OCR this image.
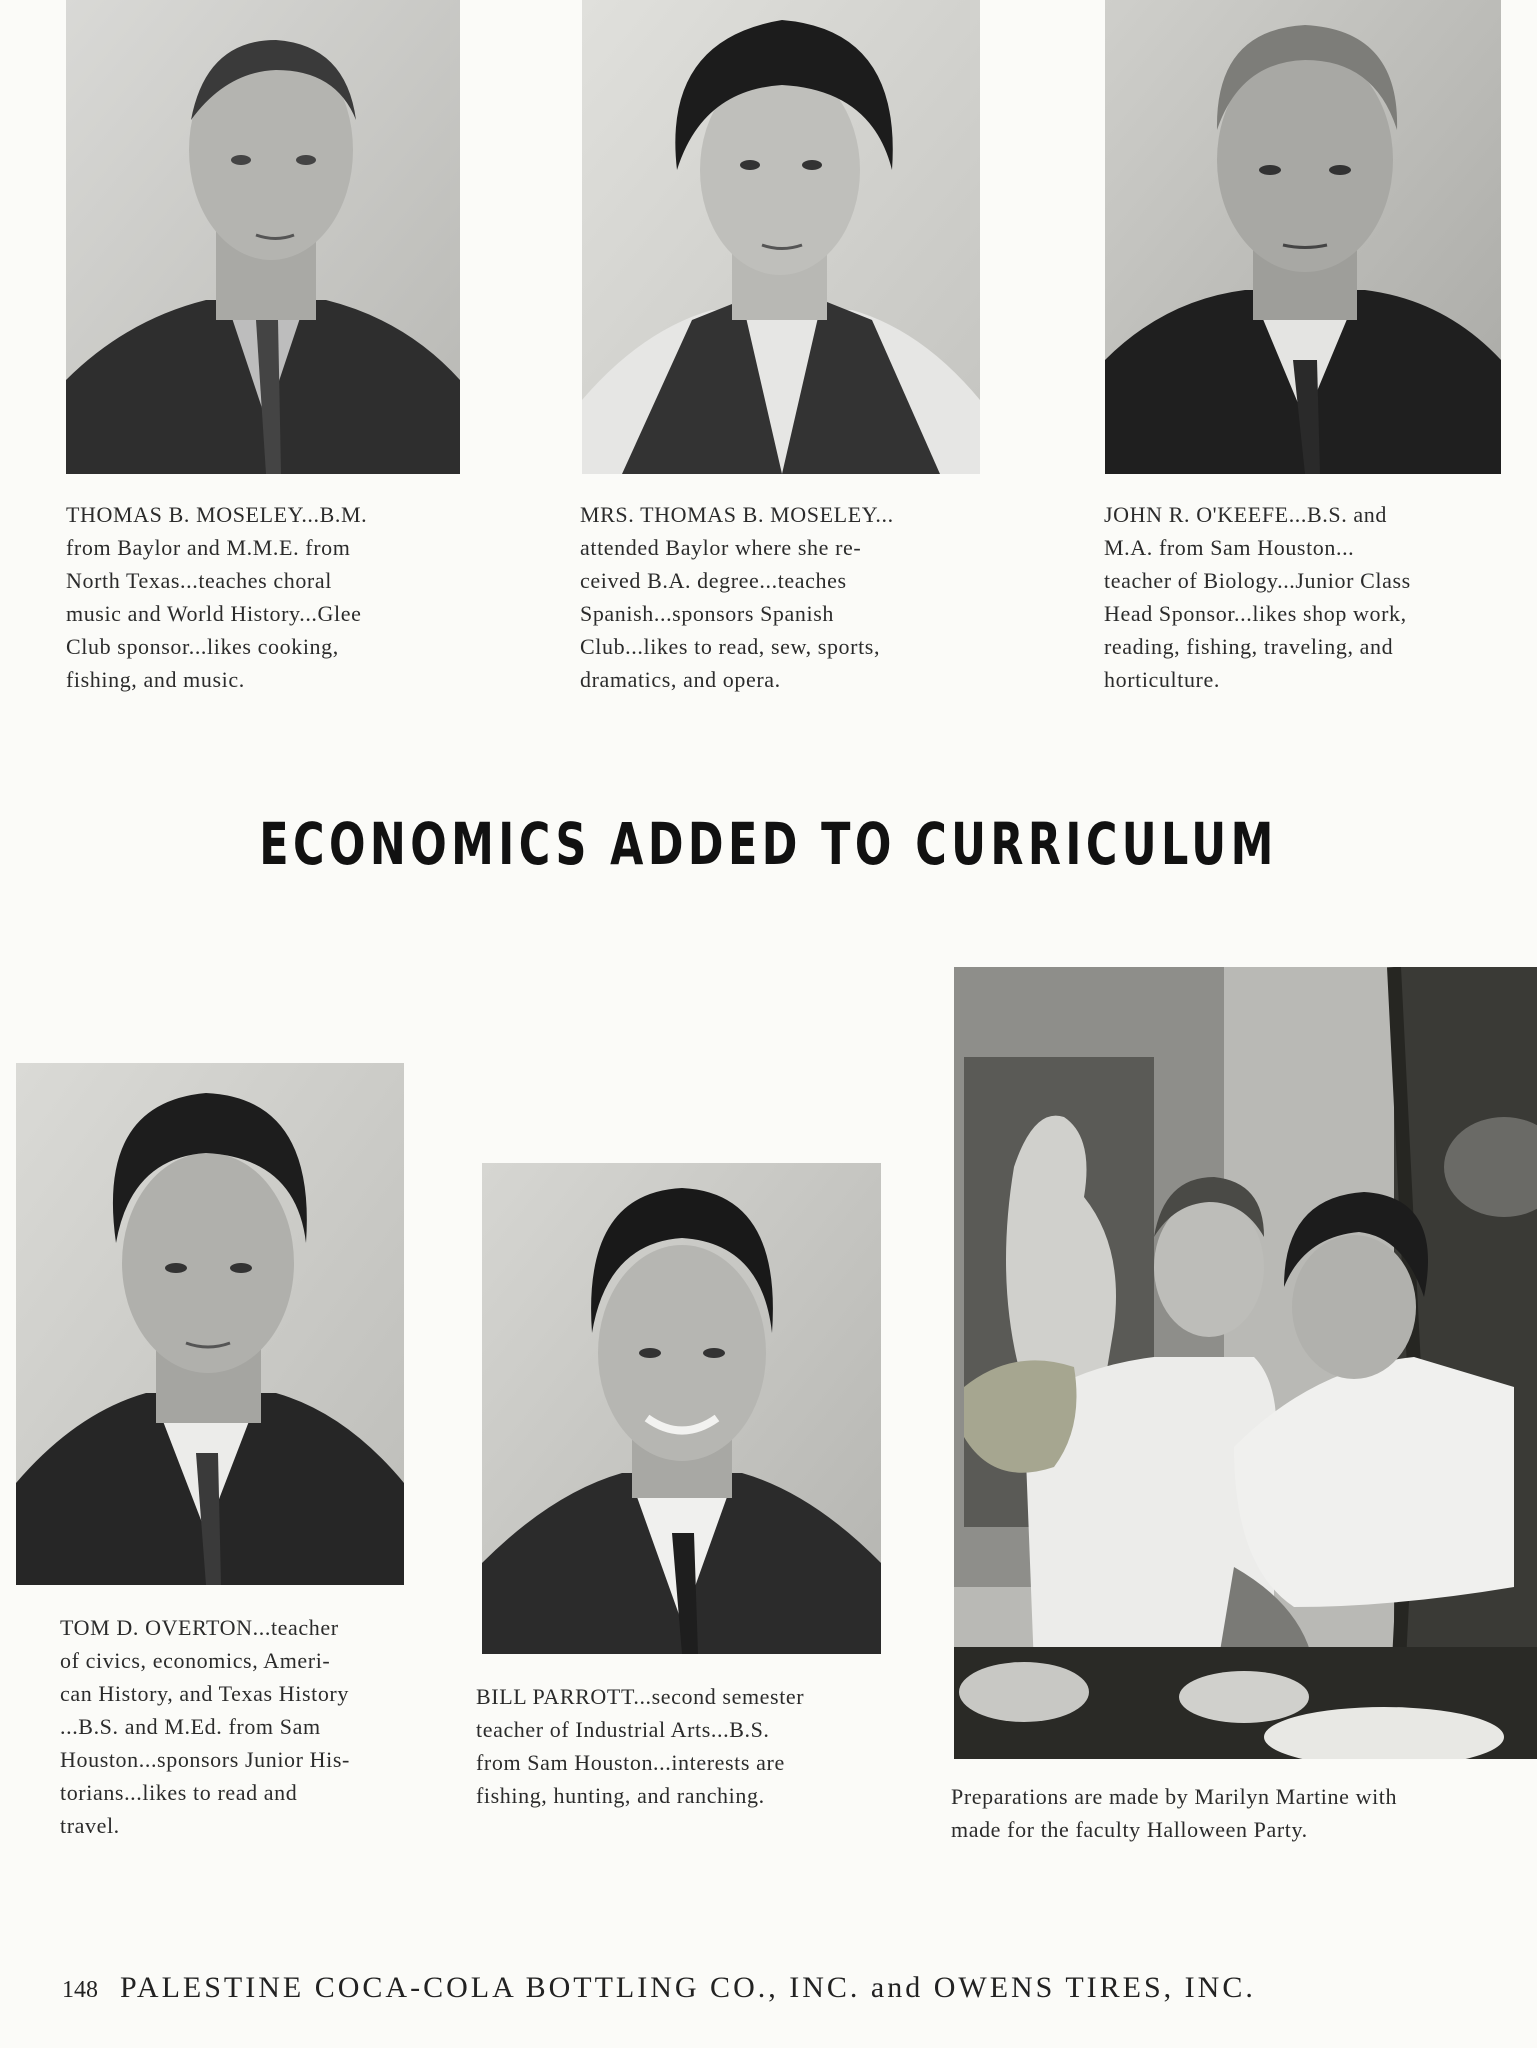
THOMAS B. MOSELEY...B.M.
from Baylor and M.M.E. from
North Texas...teaches choral
music and World History...Glee
Club sponsor...likes cooking,
fishing, and music.
MRS. THOMAS B. MOSELEY...
attended Baylor where she re-
ceived B.A. degree...teaches
Spanish...sponsors Spanish
Club...likes to read, sew, sports,
dramatics, and opera.
JOHN R. O'KEEFE...B.S. and
M.A. from Sam Houston...
teacher of Biology...Junior Class
Head Sponsor...likes shop work,
reading, fishing, traveling, and
horticulture.
ECONOMICS ADDED TO CURRICULUM
TOM D. OVERTON...teacher
of civics, economics, Ameri-
can History, and Texas History
...B.S. and M.Ed. from Sam
Houston...sponsors Junior His-
torians...likes to read and
travel.
BILL PARROTT...second semester
teacher of Industrial Arts...B.S.
from Sam Houston...interests are
fishing, hunting, and ranching.	Preparations are made by Marilyn Martine with
made for the faculty Halloween Party.
148 PALESTINE COCA-COLA BOTTLING CO., INC. and OWENS TIRES, INC.
